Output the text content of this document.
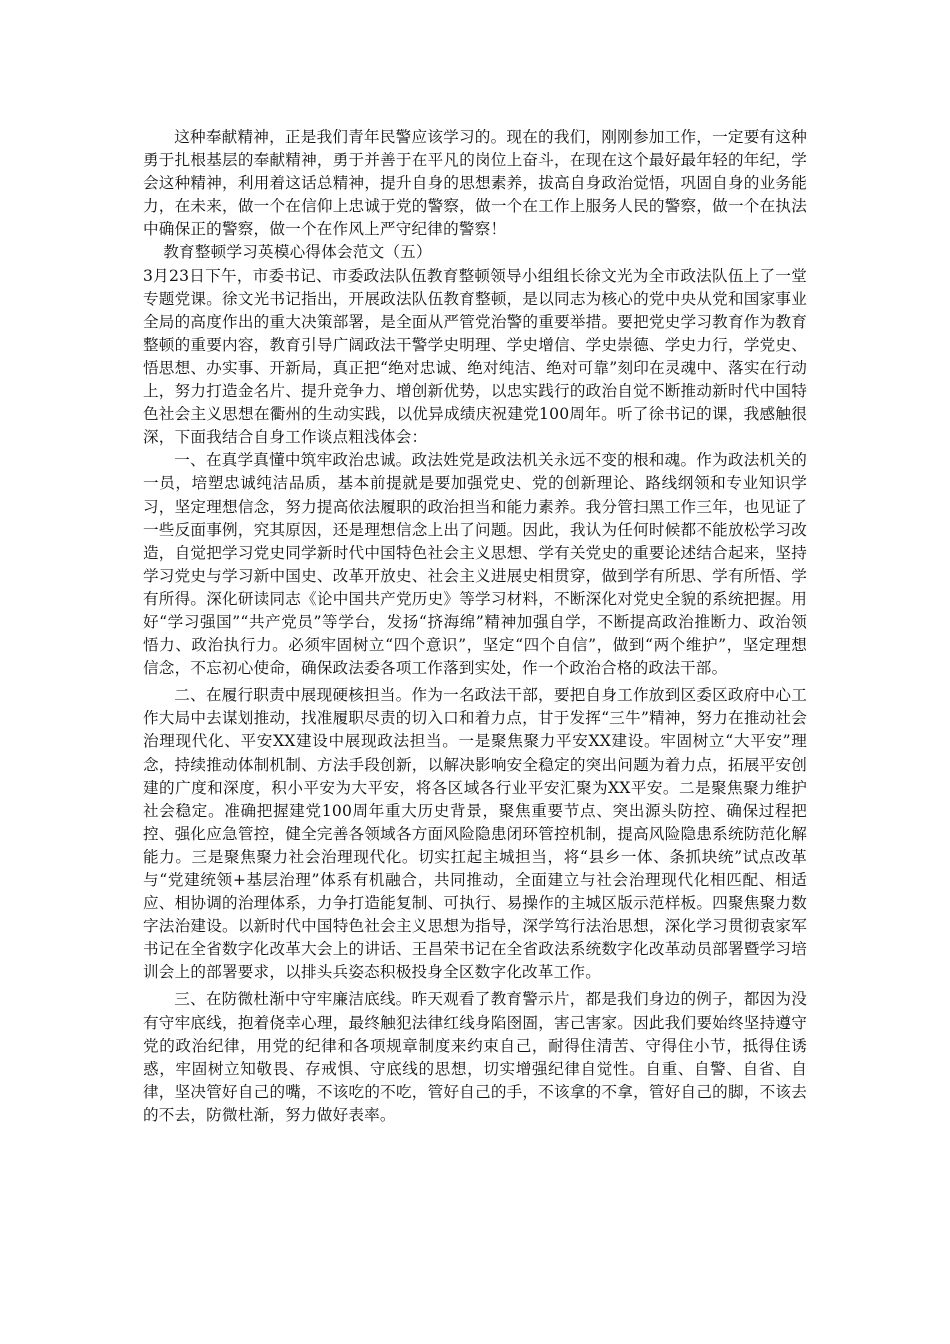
这种奉献精神，正是我们青年民警应该学习的。现在的我们，刚刚参加工作，一定要有这种勇于扎根基层的奉献精神，勇于并善于在平凡的岗位上奋斗，在现在这个最好最年轻的年纪，学会这种精神，利用着这话总精神，提升自身的思想素养，拔高自身政治觉悟，巩固自身的业务能力，在未来，做一个在信仰上忠诚于党的警察，做一个在工作上服务人民的警察，做一个在执法中确保正的警察，做一个在作风上严守纪律的警察！

教育整顿学习英模心得体会范文（五）

3月23日下午，市委书记、市委政法队伍教育整顿领导小组组长徐文光为全市政法队伍上了一堂专题党课。徐文光书记指出，开展政法队伍教育整顿，是以同志为核心的党中央从党和国家事业全局的高度作出的重大决策部署，是全面从严管党治警的重要举措。要把党史学习教育作为教育整顿的重要内容，教育引导广阔政法干警学史明理、学史增信、学史崇德、学史力行，学党史、悟思想、办实事、开新局，真正把“绝对忠诚、绝对纯洁、绝对可靠”刻印在灵魂中、落实在行动上，努力打造金名片、提升竞争力、增创新优势，以忠实践行的政治自觉不断推动新时代中国特色社会主义思想在衢州的生动实践，以优异成绩庆祝建党100周年。听了徐书记的课，我感触很深，下面我结合自身工作谈点粗浅体会：

一、在真学真懂中筑牢政治忠诚。政法姓党是政法机关永远不变的根和魂。作为政法机关的一员，培塑忠诚纯洁品质，基本前提就是要加强党史、党的创新理论、路线纲领和专业知识学习，坚定理想信念，努力提高依法履职的政治担当和能力素养。我分管扫黑工作三年，也见证了一些反面事例，究其原因，还是理想信念上出了问题。因此，我认为任何时候都不能放松学习改造，自觉把学习党史同学新时代中国特色社会主义思想、学有关党史的重要论述结合起来，坚持学习党史与学习新中国史、改革开放史、社会主义进展史相贯穿，做到学有所思、学有所悟、学有所得。深化研读同志《论中国共产党历史》等学习材料，不断深化对党史全貌的系统把握。用好“学习强国”“共产党员”等学台，发扬“挤海绵”精神加强自学，不断提高政治推断力、政治领悟力、政治执行力。必须牢固树立“四个意识”，坚定“四个自信”，做到“两个维护”，坚定理想信念，不忘初心使命，确保政法委各项工作落到实处，作一个政治合格的政法干部。

二、在履行职责中展现硬核担当。作为一名政法干部，要把自身工作放到区委区政府中心工作大局中去谋划推动，找准履职尽责的切入口和着力点，甘于发挥“三牛”精神，努力在推动社会治理现代化、平安XX建设中展现政法担当。一是聚焦聚力平安XX建设。牢固树立“大平安”理念，持续推动体制机制、方法手段创新，以解决影响安全稳定的突出问题为着力点，拓展平安创建的广度和深度，积小平安为大平安，将各区域各行业平安汇聚为XX平安。二是聚焦聚力维护社会稳定。准确把握建党100周年重大历史背景，聚焦重要节点、突出源头防控、确保过程把控、强化应急管控，健全完善各领域各方面风险隐患闭环管控机制，提高风险隐患系统防范化解能力。三是聚焦聚力社会治理现代化。切实扛起主城担当，将“县乡一体、条抓块统”试点改革与“党建统领+基层治理”体系有机融合，共同推动，全面建立与社会治理现代化相匹配、相适应、相协调的治理体系，力争打造能复制、可执行、易操作的主城区版示范样板。四聚焦聚力数字法治建设。以新时代中国特色社会主义思想为指导，深学笃行法治思想，深化学习贯彻袁家军书记在全省数字化改革大会上的讲话、王昌荣书记在全省政法系统数字化改革动员部署暨学习培训会上的部署要求，以排头兵姿态积极投身全区数字化改革工作。

三、在防微杜渐中守牢廉洁底线。昨天观看了教育警示片，都是我们身边的例子，都因为没有守牢底线，抱着侥幸心理，最终触犯法律红线身陷囹圄，害己害家。因此我们要始终坚持遵守党的政治纪律，用党的纪律和各项规章制度来约束自己，耐得住清苦、守得住小节，抵得住诱惑，牢固树立知敬畏、存戒惧、守底线的思想，切实增强纪律自觉性。自重、自警、自省、自律，坚决管好自己的嘴，不该吃的不吃，管好自己的手，不该拿的不拿，管好自己的脚，不该去的不去，防微杜渐，努力做好表率。
